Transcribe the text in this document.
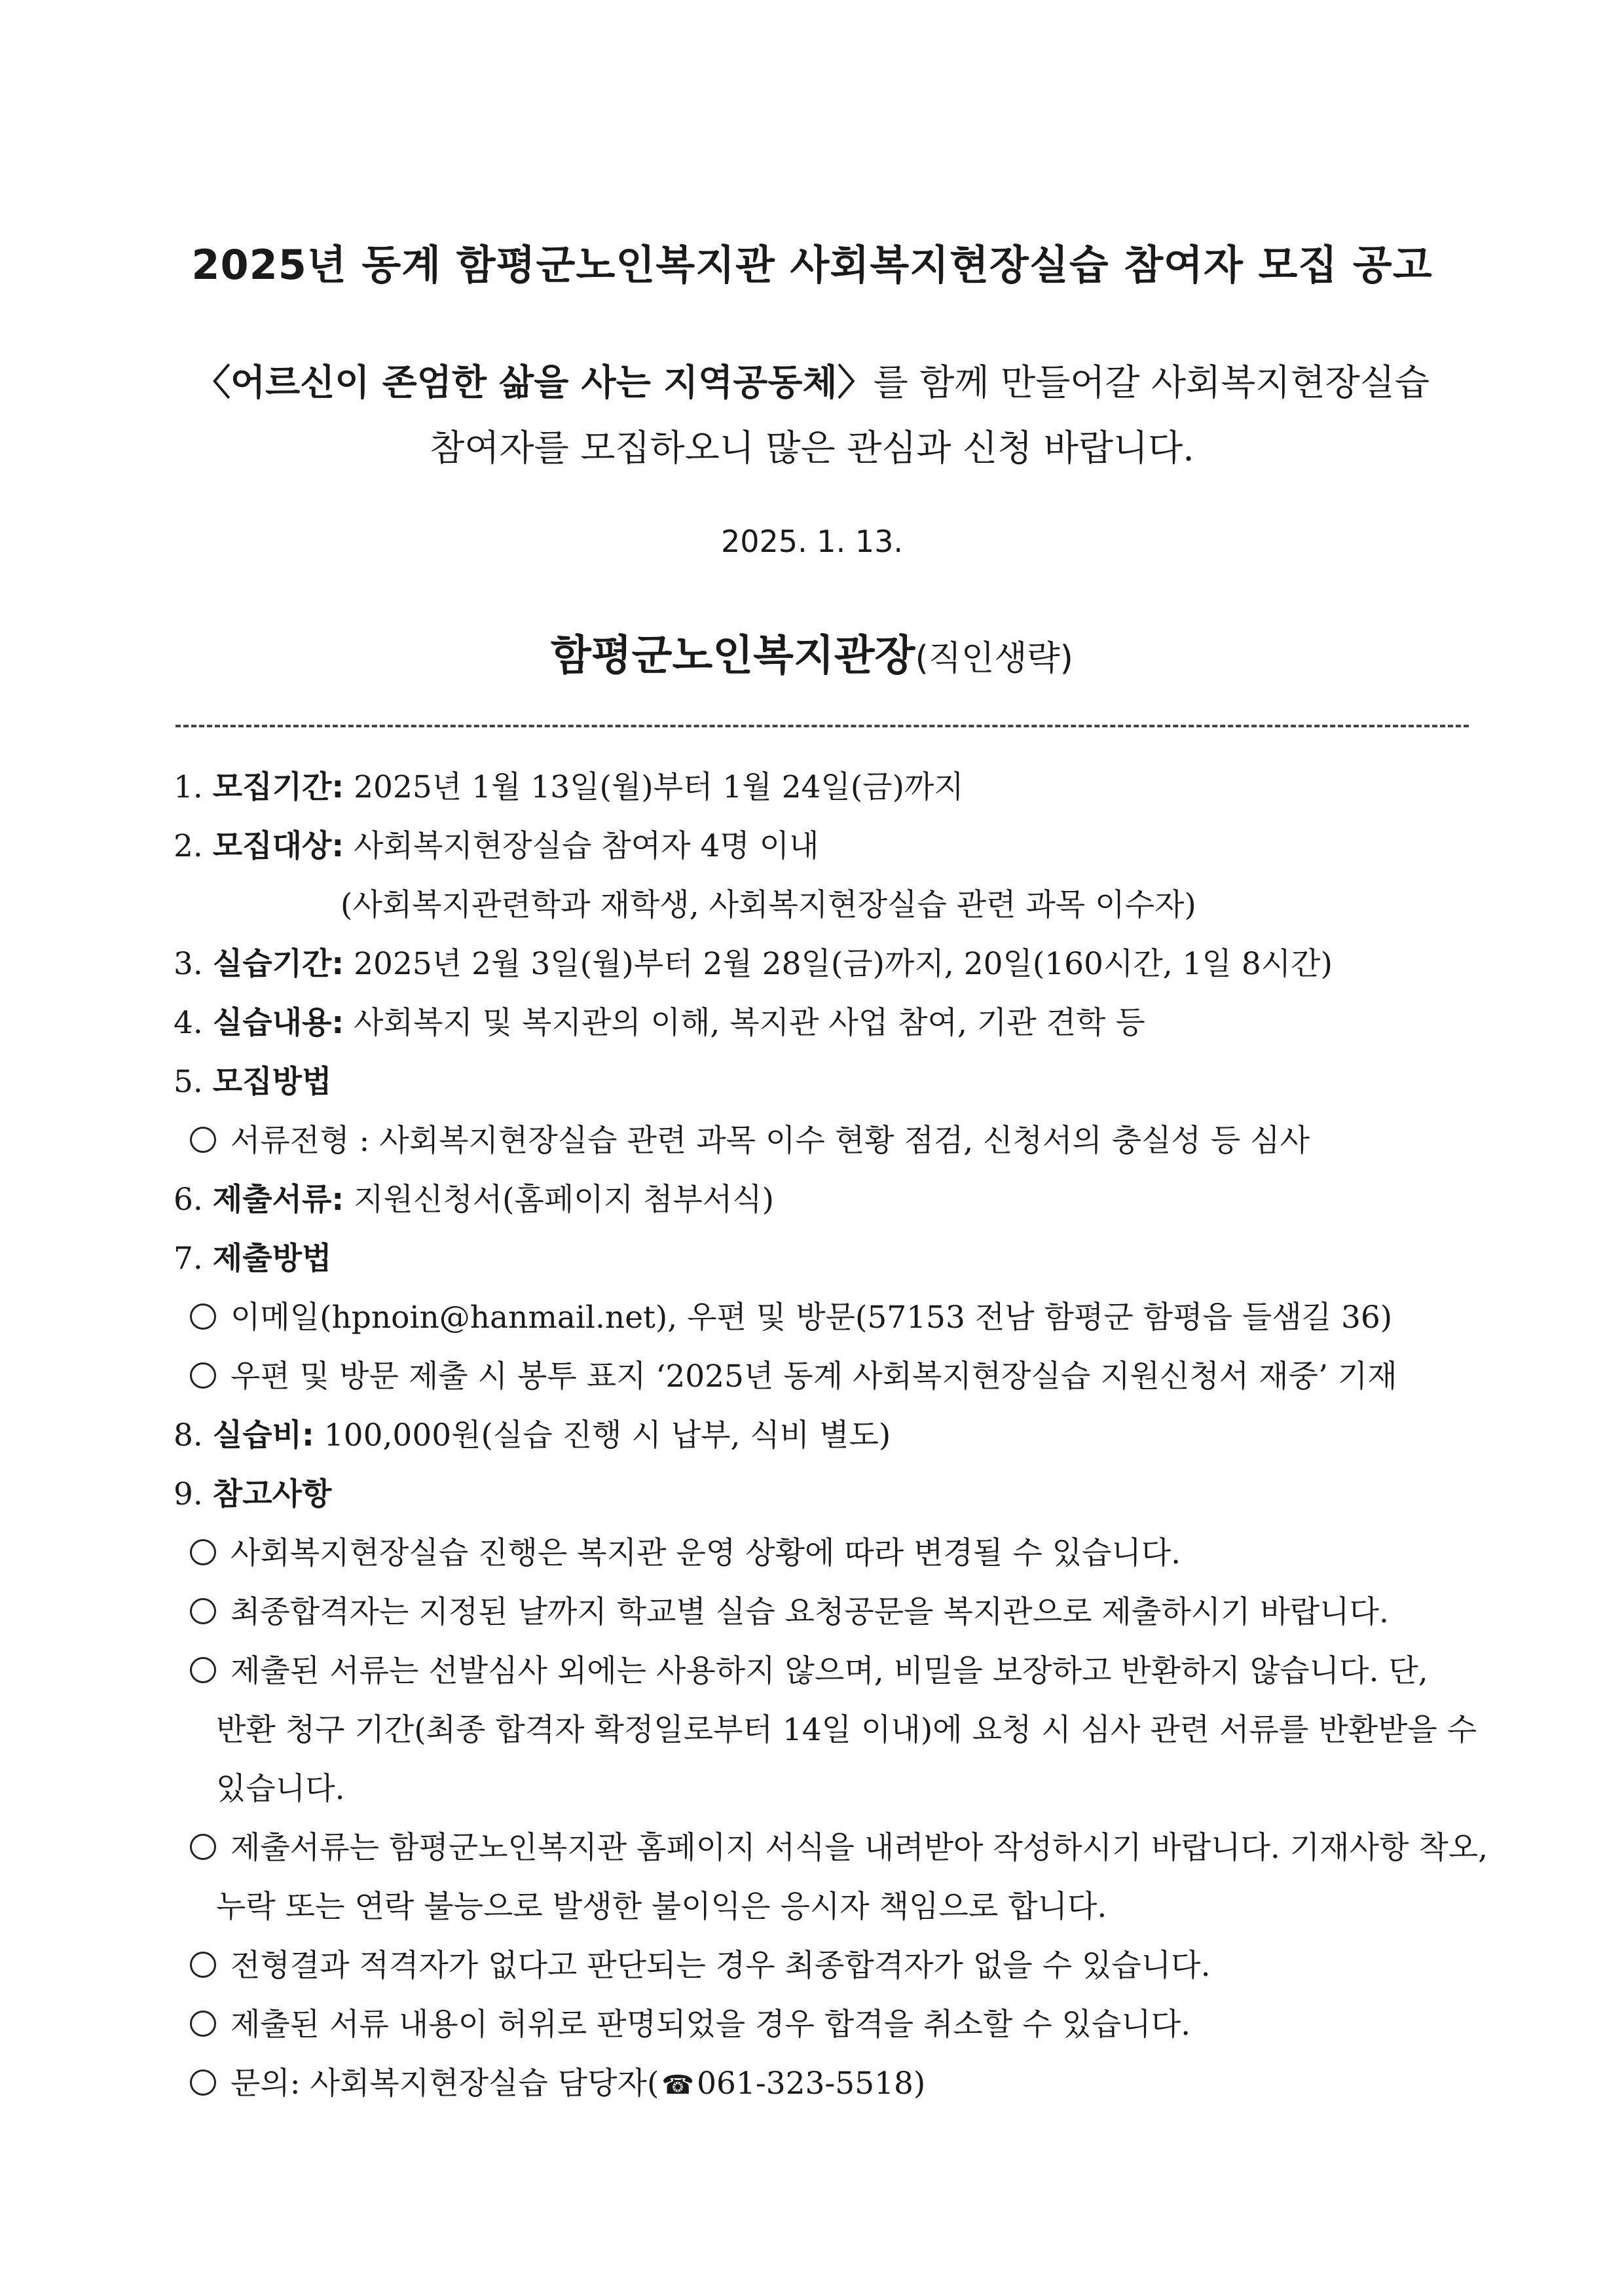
2025년 동계 함평군노인복지관 사회복지현장실습 참여자 모집 공고
〈어르신이 존엄한 삶을 사는 지역공동체〉를 함께 만들어갈 사회복지현장실습
참여자를 모집하오니 많은 관심과 신청 바랍니다.
2025. 1. 13.
함평군노인복지관장(직인생략)
1. 모집기간: 2025년 1월 13일(월)부터 1월 24일(금)까지
2. 모집대상: 사회복지현장실습 참여자 4명 이내
(사회복지관련학과 재학생, 사회복지현장실습 관련 과목 이수자)
3. 실습기간: 2025년 2월 3일(월)부터 2월 28일(금)까지, 20일(160시간, 1일 8시간)
4. 실습내용: 사회복지 및 복지관의 이해, 복지관 사업 참여, 기관 견학 등
5. 모집방법
서류전형 : 사회복지현장실습 관련 과목 이수 현황 점검, 신청서의 충실성 등 심사
6. 제출서류: 지원신청서(홈페이지 첨부서식)
7. 제출방법
이메일(hpnoin@hanmail.net), 우편 및 방문(57153 전남 함평군 함평읍 들샘길 36)
우편 및 방문 제출 시 봉투 표지 ‘2025년 동계 사회복지현장실습 지원신청서 재중’ 기재
8. 실습비: 100,000원(실습 진행 시 납부, 식비 별도)
9. 참고사항
사회복지현장실습 진행은 복지관 운영 상황에 따라 변경될 수 있습니다.
최종합격자는 지정된 날까지 학교별 실습 요청공문을 복지관으로 제출하시기 바랍니다.
제출된 서류는 선발심사 외에는 사용하지 않으며, 비밀을 보장하고 반환하지 않습니다. 단,
반환 청구 기간(최종 합격자 확정일로부터 14일 이내)에 요청 시 심사 관련 서류를 반환받을 수
있습니다.
제출서류는 함평군노인복지관 홈페이지 서식을 내려받아 작성하시기 바랍니다. 기재사항 착오,
누락 또는 연락 불능으로 발생한 불이익은 응시자 책임으로 합니다.
전형결과 적격자가 없다고 판단되는 경우 최종합격자가 없을 수 있습니다.
제출된 서류 내용이 허위로 판명되었을 경우 합격을 취소할 수 있습니다.
문의: 사회복지현장실습 담당자( ☎061-323-5518)
